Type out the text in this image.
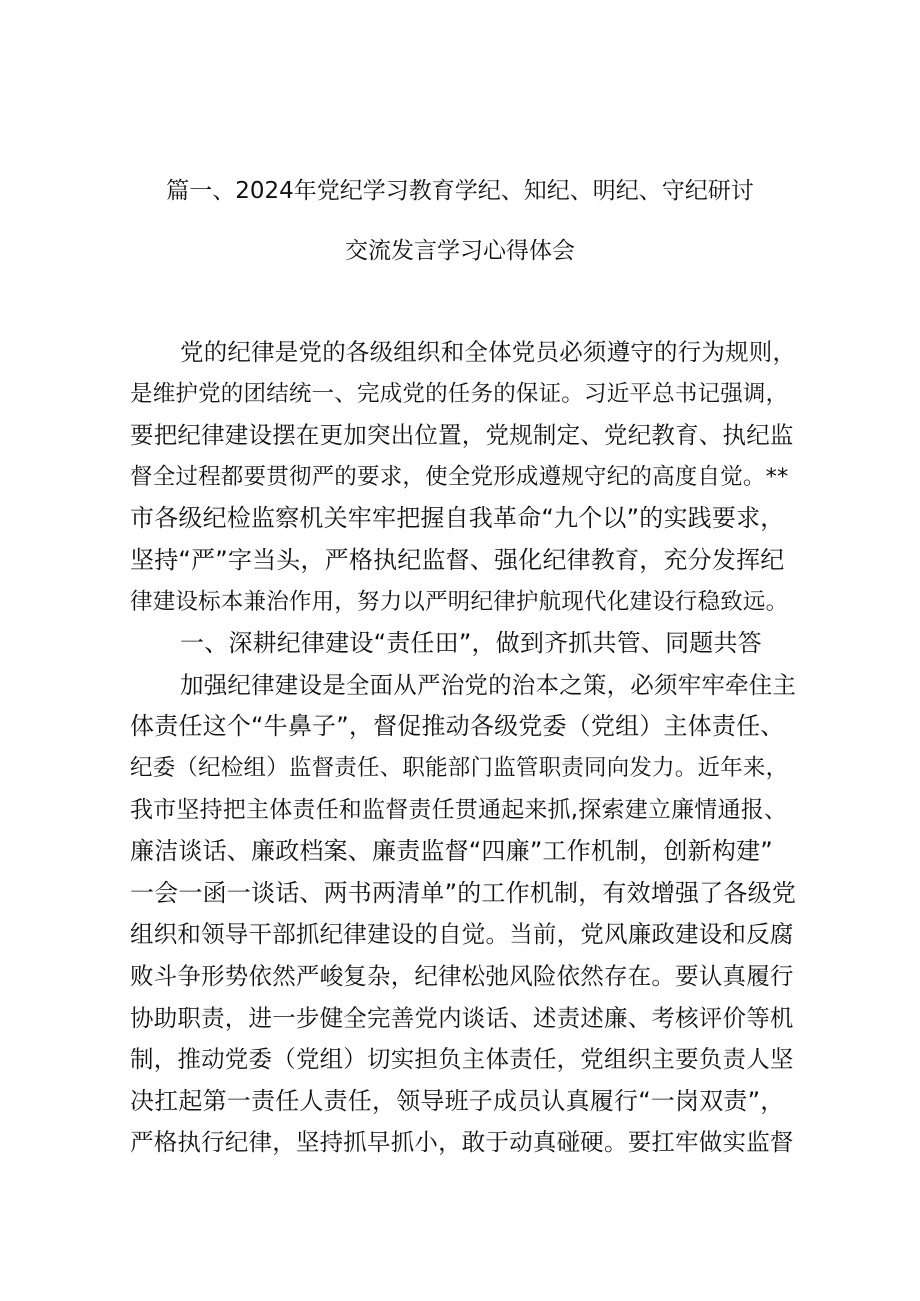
篇一、2024年党纪学习教育学纪、知纪、明纪、守纪研讨
交流发言学习心得体会
党的纪律是党的各级组织和全体党员必须遵守的行为规则，
是维护党的团结统一、完成党的任务的保证。习近平总书记强调，
要把纪律建设摆在更加突出位置，党规制定、党纪教育、执纪监
督全过程都要贯彻严的要求，使全党形成遵规守纪的高度自觉。**
市各级纪检监察机关牢牢把握自我革命“九个以”的实践要求，
坚持“严”字当头，严格执纪监督、强化纪律教育，充分发挥纪
律建设标本兼治作用，努力以严明纪律护航现代化建设行稳致远。
一、深耕纪律建设“责任田”，做到齐抓共管、同题共答
加强纪律建设是全面从严治党的治本之策，必须牢牢牵住主
体责任这个“牛鼻子”，督促推动各级党委（党组）主体责任、
纪委（纪检组）监督责任、职能部门监管职责同向发力。近年来，
我市坚持把主体责任和监督责任贯通起来抓,探索建立廉情通报、
廉洁谈话、廉政档案、廉责监督“四廉”工作机制，创新构建”
一会一函一谈话、两书两清单”的工作机制，有效增强了各级党
组织和领导干部抓纪律建设的自觉。当前，党风廉政建设和反腐
败斗争形势依然严峻复杂，纪律松弛风险依然存在。要认真履行
协助职责，进一步健全完善党内谈话、述责述廉、考核评价等机
制，推动党委（党组）切实担负主体责任，党组织主要负责人坚
决扛起第一责任人责任，领导班子成员认真履行“一岗双责”，
严格执行纪律，坚持抓早抓小，敢于动真碰硬。要扛牢做实监督
